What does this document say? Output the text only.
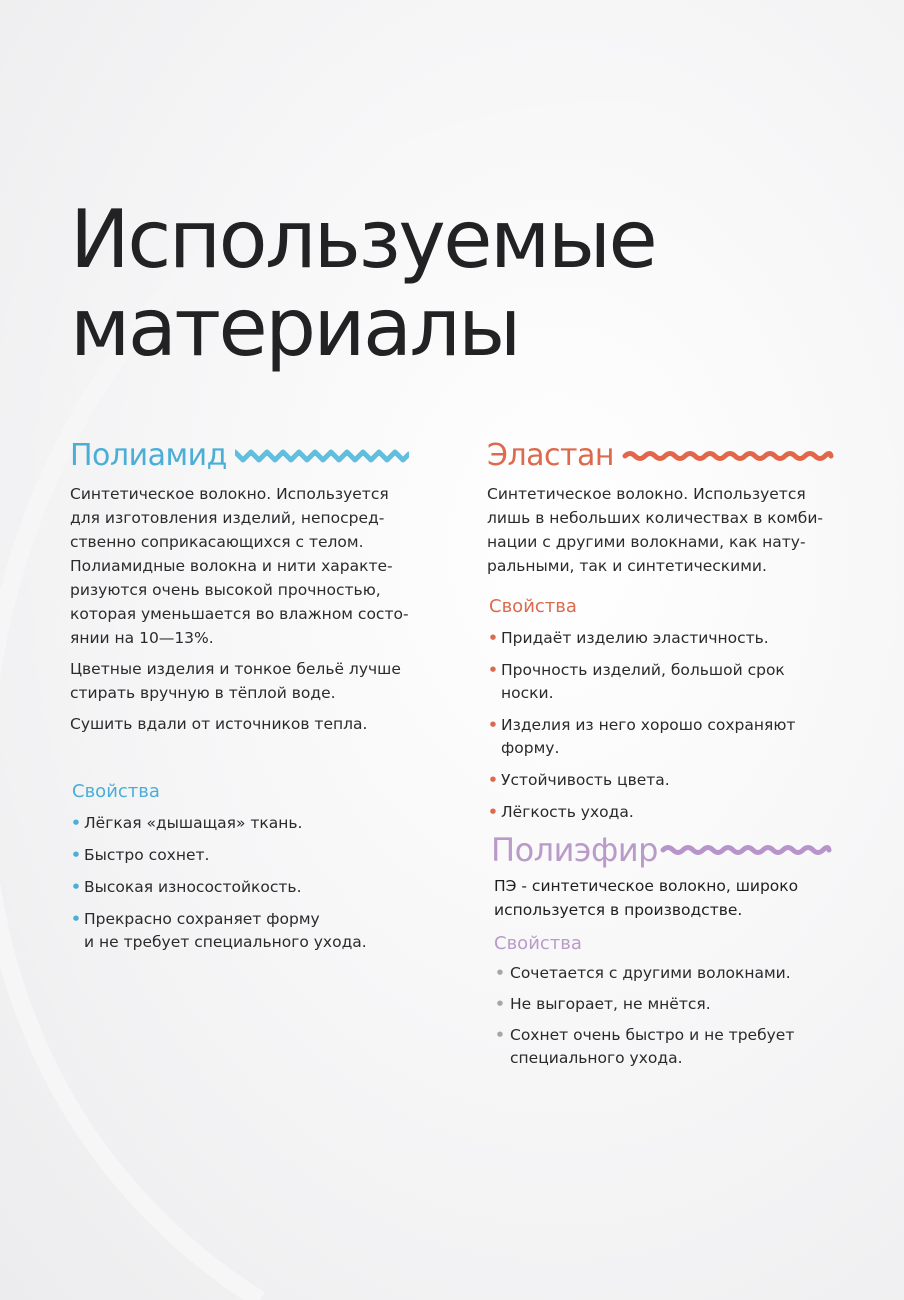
Используемые
материалы
Полиамид

Синтетическое волокно. Используется

для изготовления изделий, непосред-

ственно соприкасающихся с телом.

Полиамидные волокна и нити характе-

ризуются очень высокой прочностью,

которая уменьшается во влажном состо-

янии на 10—13%.

Цветные изделия и тонкое бельё лучше

стирать вручную в тёплой воде.

Сушить вдали от источников тепла.

Свойства

•
Лёгкая «дышащая» ткань.
•
Быстро сохнет.
•
Высокая износостойкость.
•
Прекрасно сохраняет форму
и не требует специального ухода.
Эластан

Синтетическое волокно. Используется

лишь в небольших количествах в комби-

нации с другими волокнами, как нату-

ральными, так и синтетическими.

Свойства

•
Придаёт изделию эластичность.
•
Прочность изделий, большой срок
носки.
•
Изделия из него хорошо сохраняют
форму.
•
Устойчивость цвета.
•
Лёгкость ухода.
Полиэфир

ПЭ - синтетическое волокно, широко

используется в производстве.

Свойства

•
Сочетается с другими волокнами.
•
Не выгорает, не мнётся.
•
Сохнет очень быстро и не требует
специального ухода.
